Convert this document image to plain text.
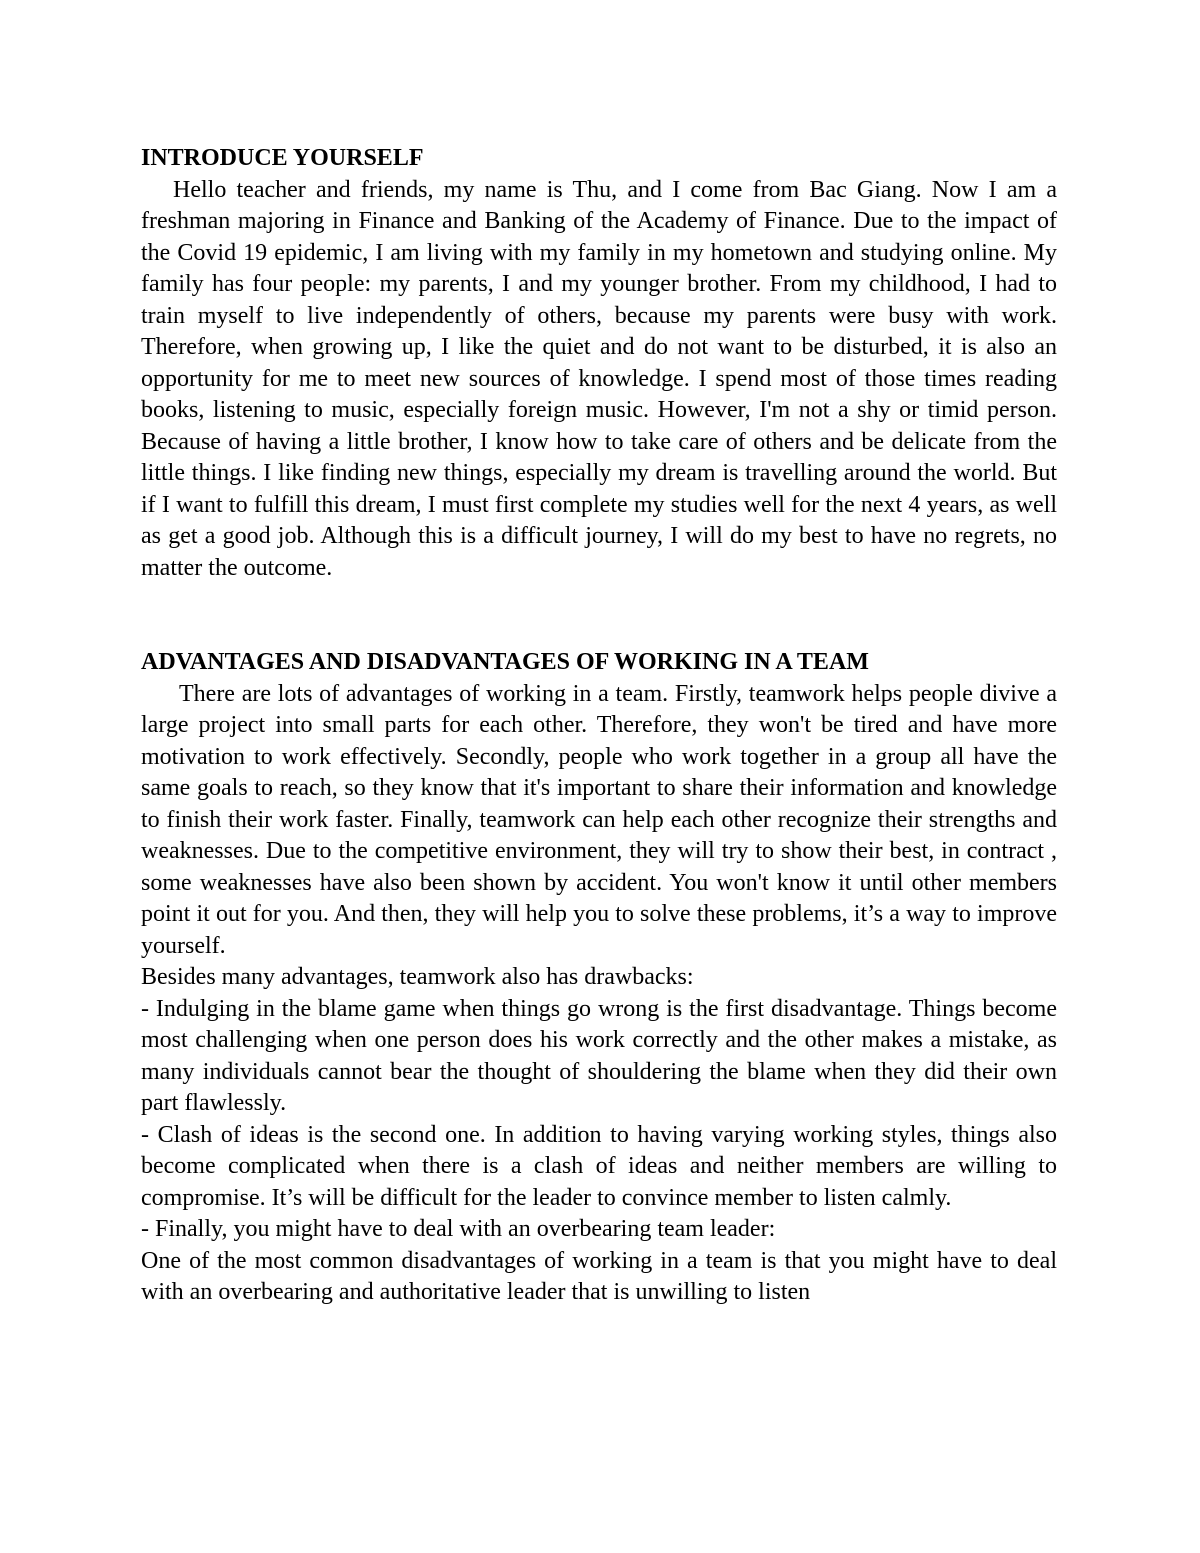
INTRODUCE YOURSELF

Hello teacher and friends, my name is Thu, and I come from Bac Giang. Now I am a freshman majoring in Finance and Banking of the Academy of Finance. Due to the impact of the Covid 19 epidemic, I am living with my family in my hometown and studying online. My family has four people: my parents, I and my younger brother. From my childhood, I had to train myself to live independently of others, because my parents were busy with work. Therefore, when growing up, I like the quiet and do not want to be disturbed, it is also an opportunity for me to meet new sources of knowledge. I spend most of those times reading books, listening to music, especially foreign music. However, I'm not a shy or timid person. Because of having a little brother, I know how to take care of others and be delicate from the little things. I like finding new things, especially my dream is travelling around the world. But if I want to fulfill this dream, I must first complete my studies well for the next 4 years, as well as get a good job. Although this is a difficult journey, I will do my best to have no regrets, no matter the outcome.

ADVANTAGES AND DISADVANTAGES OF WORKING IN A TEAM

There are lots of advantages of working in a team. Firstly, teamwork helps people divive a large project into small parts for each other. Therefore, they won't be tired and have more motivation to work effectively. Secondly, people who work together in a group all have the same goals to reach, so they know that it's important to share their information and knowledge to finish their work faster. Finally, teamwork can help each other recognize their strengths and weaknesses. Due to the competitive environment, they will try to show their best, in contract , some weaknesses have also been shown by accident. You won't know it until other members point it out for you. And then, they will help you to solve these problems, it’s a way to improve yourself.

Besides many advantages, teamwork also has drawbacks:

- Indulging in the blame game when things go wrong is the first disadvantage. Things become most challenging when one person does his work correctly and the other makes a mistake, as many individuals cannot bear the thought of shouldering the blame when they did their own part flawlessly.

- Clash of ideas is the second one. In addition to having varying working styles, things also become complicated when there is a clash of ideas and neither members are willing to compromise. It’s will be difficult for the leader to convince member to listen calmly.

- Finally, you might have to deal with an overbearing team leader:

One of the most common disadvantages of working in a team is that you might have to deal with an overbearing and authoritative leader that is unwilling to listen
